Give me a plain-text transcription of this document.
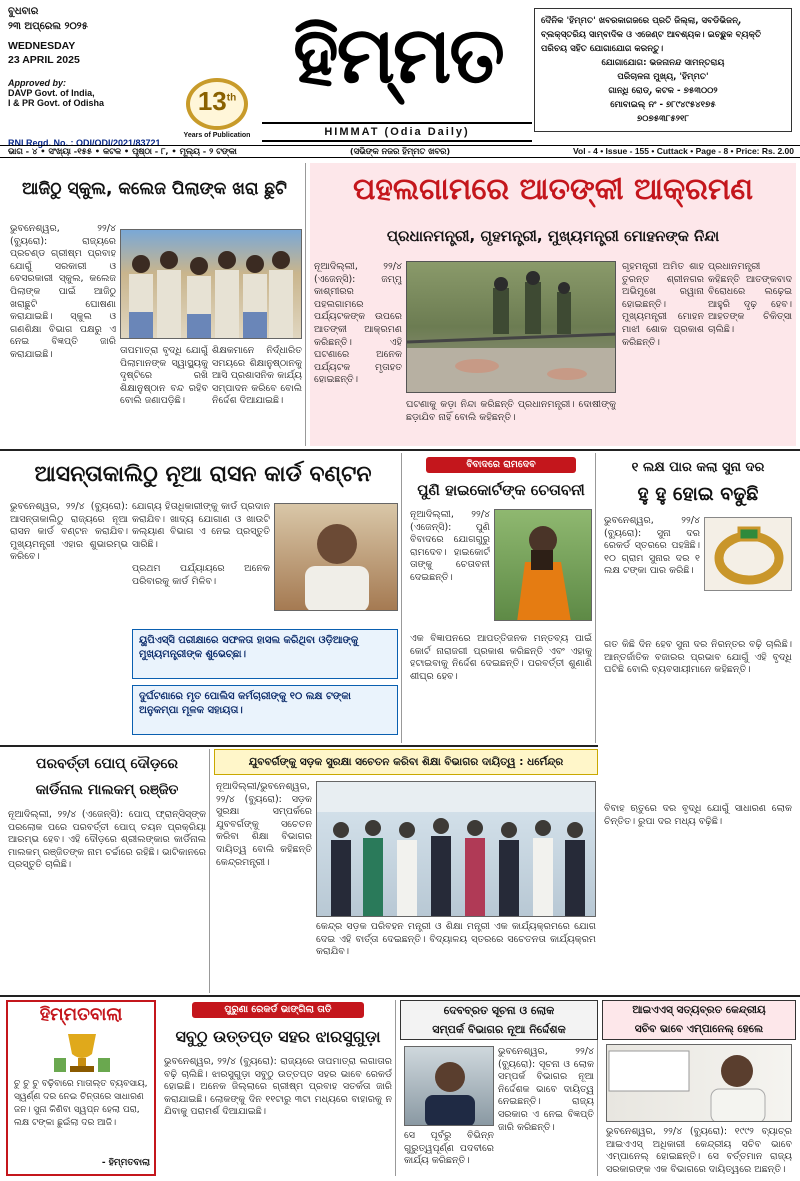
ବୁଧବାର
୨୩ ଅପ୍ରେଲ ୨୦୨୫
WEDNESDAY
23 APRIL 2025
Approved by:
DAVP Govt. of India,
I & PR Govt. of Odisha
RNI Regd. No. : ODI/ODI/2021/83721
13th
Years of Publication
ହିମ୍ମତ
HIMMAT (Odia Daily)
ଦୈନିକ 'ହିମ୍ମତ' ଖବରକାଗଜରେ ପ୍ରତି ଜିଲ୍ଲା, ସବଡିଭିଜନ୍,
ବ୍ଲକ୍‌ସ୍ତରିୟ ସାମ୍ବାଦିକ ଓ ଏଜେଣ୍ଟ ଆବଶ୍ୟକ। ଇଚ୍ଛୁକ ବ୍ୟକ୍ତି
ପରିଚୟ ସହିତ ଯୋଗାଯୋଗ କରନ୍ତୁ।
ଯୋଗାଯୋଗ: ଭଜନାନନ୍ଦ ସାମନ୍ତରାୟ
ପରିଚାଳନା ମୁଖ୍ୟ, 'ହିମ୍ମତ'
ଗାନ୍ଧି ରୋଡ୍, କଟକ - ୭୫୩୦୦୨
ମୋବାଇଲ୍ ନଂ - ୭୮୯୪୯୫୪୧୭୫
୭୦୭୫୩୮୫୨୧୮
ଭାଗ - ୪ • ସଂଖ୍ୟା -୧୫୫ • କଟକ • ପୃଷ୍ଠା - ୮, • ମୂଲ୍ୟ - ୨ ଟଙ୍କା	(ସଭିଙ୍କ ନଜର ହିମ୍ମତ ଖବର)	Vol - 4 • Issue - 155 • Cuttack • Page - 8 • Price: Rs. 2.00
ଆଜିଠୁ ସ୍କୁଲ, କଲେଜ ପିଲାଙ୍କ ଖରା ଛୁଟି
ଭୁବନେଶ୍ୱର, ୨୨/୪ (ବ୍ୟୁରୋ): ରାଜ୍ୟରେ ପ୍ରଚଣ୍ଡ ଗ୍ରୀଷ୍ମ ପ୍ରବାହ ଯୋଗୁଁ ସରକାରୀ ଓ ବେସରକାରୀ ସ୍କୁଲ, କଲେଜ ପିଲାଙ୍କ ପାଇଁ ଆଜିଠୁ ଖରାଛୁଟି ଘୋଷଣା କରାଯାଇଛି। ସ୍କୁଲ ଓ ଗଣଶିକ୍ଷା ବିଭାଗ ପକ୍ଷରୁ ଏ ନେଇ ବିଜ୍ଞପ୍ତି ଜାରି କରାଯାଇଛି।	ତାପମାତ୍ରା ବୃଦ୍ଧି ଯୋଗୁଁ ପିଲାମାନଙ୍କ ସ୍ୱାସ୍ଥ୍ୟକୁ ଦୃଷ୍ଟିରେ ରଖି ଶିକ୍ଷାନୁଷ୍ଠାନ ବନ୍ଦ ରହିବ ବୋଲି ଜଣାପଡ଼ିଛି।
ଶିକ୍ଷକମାନେ ନିର୍ଦ୍ଧାରିତ ସମୟରେ ଶିକ୍ଷାନୁଷ୍ଠାନକୁ ଆସି ପ୍ରଶାସନିକ କାର୍ଯ୍ୟ ସମ୍ପାଦନ କରିବେ ବୋଲି ନିର୍ଦ୍ଦେଶ ଦିଆଯାଇଛି।
ପହଲଗାମରେ ଆତଙ୍କୀ ଆକ୍ରମଣ
ପ୍ରଧାନମନ୍ତ୍ରୀ, ଗୃହମନ୍ତ୍ରୀ, ମୁଖ୍ୟମନ୍ତ୍ରୀ ମୋହନଙ୍କ ନିନ୍ଦା
ନୂଆଦିଲ୍ଲୀ, ୨୨/୪ (ଏଜେନ୍ସି): ଜମ୍ମୁ କାଶ୍ମୀରର ପହଲଗାମରେ ପର୍ଯ୍ୟଟକଙ୍କ ଉପରେ ଆତଙ୍କୀ ଆକ୍ରମଣ କରିଛନ୍ତି। ଏହି ଘଟଣାରେ ଅନେକ ପର୍ଯ୍ୟଟକ ମୃତାହତ ହୋଇଛନ୍ତି।
ଘଟଣାକୁ କଡ଼ା ନିନ୍ଦା କରିଛନ୍ତି ପ୍ରଧାନମନ୍ତ୍ରୀ। ଦୋଷୀଙ୍କୁ ଛଡ଼ାଯିବ ନାହିଁ ବୋଲି କହିଛନ୍ତି।
ଗୃହମନ୍ତ୍ରୀ ଅମିତ ଶାହ ତୁରନ୍ତ ଶ୍ରୀନଗର ଅଭିମୁଖେ ରୱାନା ହୋଇଛନ୍ତି। ମୁଖ୍ୟମନ୍ତ୍ରୀ ମୋହନ ମାଝୀ ଶୋକ ପ୍ରକାଶ କରିଛନ୍ତି।
ପ୍ରଧାନମନ୍ତ୍ରୀ କହିଛନ୍ତି ଆତଙ୍କବାଦ ବିରୋଧରେ ଲଢ଼େଇ ଆହୁରି ଦୃଢ଼ ହେବ। ଆହତଙ୍କ ଚିକିତ୍ସା ଚାଲିଛି।
ଆସନ୍ତାକାଲିଠୁ ନୂଆ ରାସନ କାର୍ଡ ବଣ୍ଟନ
ଭୁବନେଶ୍ୱର, ୨୨/୪ (ବ୍ୟୁରୋ): ଆସନ୍ତାକାଲିଠୁ ରାଜ୍ୟରେ ନୂଆ ରାସନ କାର୍ଡ ବଣ୍ଟନ କରାଯିବ। ମୁଖ୍ୟମନ୍ତ୍ରୀ ଏହାର ଶୁଭାରମ୍ଭ କରିବେ।
ଯୋଗ୍ୟ ହିତାଧିକାରୀଙ୍କୁ କାର୍ଡ ପ୍ରଦାନ କରାଯିବ। ଖାଦ୍ୟ ଯୋଗାଣ ଓ ଖାଉଟି କଲ୍ୟାଣ ବିଭାଗ ଏ ନେଇ ପ୍ରସ୍ତୁତି ସାରିଛି।
ପ୍ରଥମ ପର୍ଯ୍ୟାୟରେ ଅନେକ ପରିବାରକୁ କାର୍ଡ ମିଳିବ।
ୟୁପିଏସ୍‌ସି ପରୀକ୍ଷାରେ ସଫଳତା ହାସଲ କରିଥିବା ଓଡ଼ିଆଙ୍କୁ ମୁଖ୍ୟମନ୍ତ୍ରୀଙ୍କ ଶୁଭେଚ୍ଛା।
ଦୁର୍ଘଟଣାରେ ମୃତ ପୋଲିସ କର୍ମଚାରୀଙ୍କୁ ୧୦ ଲକ୍ଷ ଟଙ୍କା ଅନୁକମ୍ପା ମୂଳକ ସହାୟତା।
ବିବାଦରେ ରାମଦେବ
ପୁଣି ହାଇକୋର୍ଟଙ୍କ ଚେତାବନୀ
ନୂଆଦିଲ୍ଲୀ, ୨୨/୪ (ଏଜେନ୍ସି): ପୁଣି ବିବାଦରେ ଯୋଗଗୁରୁ ରାମଦେବ। ହାଇକୋର୍ଟ ତାଙ୍କୁ ଚେତାବନୀ ଦେଇଛନ୍ତି।
ଏକ ବିଜ୍ଞାପନରେ ଆପତ୍ତିଜନକ ମନ୍ତବ୍ୟ ପାଇଁ କୋର୍ଟ ନାରାଜଗୀ ପ୍ରକାଶ କରିଛନ୍ତି ଏବଂ ଏହାକୁ ହଟାଇବାକୁ ନିର୍ଦ୍ଦେଶ ଦେଇଛନ୍ତି। ପରବର୍ତ୍ତୀ ଶୁଣାଣି ଶୀଘ୍ର ହେବ।
୧ ଲକ୍ଷ ପାର କଲା ସୁନା ଦର
ହୁ ହୁ ହୋଇ ବଢୁଛି
ଭୁବନେଶ୍ୱର, ୨୨/୪ (ବ୍ୟୁରୋ): ସୁନା ଦର ରେକର୍ଡ ସ୍ତରରେ ପହଞ୍ଚିଛି। ୧୦ ଗ୍ରାମ ସୁନାର ଦର ୧ ଲକ୍ଷ ଟଙ୍କା ପାର କରିଛି।
ଗତ କିଛି ଦିନ ହେବ ସୁନା ଦର ନିରନ୍ତର ବଢ଼ି ଚାଲିଛି। ଆନ୍ତର୍ଜାତିକ ବଜାରର ପ୍ରଭାବ ଯୋଗୁଁ ଏହି ବୃଦ୍ଧି ଘଟିଛି ବୋଲି ବ୍ୟବସାୟୀମାନେ କହିଛନ୍ତି।
ବିବାହ ଋତୁରେ ଦର ବୃଦ୍ଧି ଯୋଗୁଁ ସାଧାରଣ ଲୋକ ଚିନ୍ତିତ। ରୁପା ଦର ମଧ୍ୟ ବଢ଼ିଛି।
ପରବର୍ତ୍ତୀ ପୋପ୍ ଦୌଡ଼ରେ
କାର୍ଡିନାଲ ମାଲକମ୍ ରଞ୍ଜିତ
ନୂଆଦିଲ୍ଲୀ, ୨୨/୪ (ଏଜେନ୍ସି): ପୋପ୍ ଫ୍ରାନ୍ସିସ୍‌ଙ୍କ ପରଲୋକ ପରେ ପରବର୍ତ୍ତୀ ପୋପ୍ ଚୟନ ପ୍ରକ୍ରିୟା ଆରମ୍ଭ ହେବ। ଏହି ଦୌଡ଼ରେ ଶ୍ରୀଲଙ୍କାର କାର୍ଡିନାଲ ମାଲକମ୍ ରଞ୍ଜିତଙ୍କ ନାମ ଚର୍ଚ୍ଚାରେ ରହିଛି। ଭାଟିକାନରେ ପ୍ରସ୍ତୁତି ଚାଲିଛି।
ଯୁବବର୍ଗଙ୍କୁ ସଡ଼କ ସୁରକ୍ଷା ସଚେତନ କରିବା ଶିକ୍ଷା ବିଭାଗର ଦାୟିତ୍ୱ : ଧର୍ମେନ୍ଦ୍ର
ନୂଆଦିଲ୍ଲୀ/ଭୁବନେଶ୍ୱର, ୨୨/୪ (ବ୍ୟୁରୋ): ସଡ଼କ ସୁରକ୍ଷା ସମ୍ପର୍କରେ ଯୁବବର୍ଗଙ୍କୁ ସଚେତନ କରିବା ଶିକ୍ଷା ବିଭାଗର ଦାୟିତ୍ୱ ବୋଲି କହିଛନ୍ତି କେନ୍ଦ୍ରମନ୍ତ୍ରୀ।
କେନ୍ଦ୍ର ସଡ଼କ ପରିବହନ ମନ୍ତ୍ରୀ ଓ ଶିକ୍ଷା ମନ୍ତ୍ରୀ ଏକ କାର୍ଯ୍ୟକ୍ରମରେ ଯୋଗ ଦେଇ ଏହି ବାର୍ତ୍ତା ଦେଇଛନ୍ତି। ବିଦ୍ୟାଳୟ ସ୍ତରରେ ସଚେତନତା କାର୍ଯ୍ୟକ୍ରମ କରାଯିବ।
ହିମ୍ମତବାଲା
ଚୁ ଚୁ ଚୁ ବଢ଼ିବାରେ ମାତାଲ୍ତ ବ୍ୟବସାୟ, ସ୍ୱର୍ଣ୍ଣ ଦର ନେଇ ଚିନ୍ତାରେ ସାଧାରଣ ଜନ। ସୁନା କିଣିବା ସ୍ୱପ୍ନ ହେଲା ପରା, ଲକ୍ଷ ଟଙ୍କା ଛୁଇଁଲା ଦର ଆଜି।
- ହିମ୍ମତବାଲା
ପୁରୁଣା ରେକର୍ଡ ଭାଙ୍ଗିଲା ତାତି
ସବୁଠୁ ଉତ୍ତପ୍ତ ସହର ଝାରସୁଗୁଡ଼ା
ଭୁବନେଶ୍ୱର, ୨୨/୪ (ବ୍ୟୁରୋ): ରାଜ୍ୟରେ ତାପମାତ୍ରା ଲଗାତାର ବଢ଼ି ଚାଲିଛି। ଝାରସୁଗୁଡ଼ା ସବୁଠୁ ଉତ୍ତପ୍ତ ସହର ଭାବେ ରେକର୍ଡ ହୋଇଛି। ଅନେକ ଜିଲ୍ଲାରେ ଗ୍ରୀଷ୍ମ ପ୍ରବାହ ସତର୍କତା ଜାରି କରାଯାଇଛି। ଲୋକଙ୍କୁ ଦିନ ୧୧ଟାରୁ ୩ଟା ମଧ୍ୟରେ ବାହାରକୁ ନ ଯିବାକୁ ପରାମର୍ଶ ଦିଆଯାଇଛି।
ଦେବବ୍ରତ ସୂଚନା ଓ ଲୋକ
ସମ୍ପର୍କ ବିଭାଗର ନୂଆ ନିର୍ଦ୍ଦେଶକ
ଭୁବନେଶ୍ୱର, ୨୨/୪ (ବ୍ୟୁରୋ): ସୂଚନା ଓ ଲୋକ ସମ୍ପର୍କ ବିଭାଗର ନୂଆ ନିର୍ଦ୍ଦେଶକ ଭାବେ ଦାୟିତ୍ୱ ନେଇଛନ୍ତି। ରାଜ୍ୟ ସରକାର ଏ ନେଇ ବିଜ୍ଞପ୍ତି ଜାରି କରିଛନ୍ତି।
ସେ ପୂର୍ବରୁ ବିଭିନ୍ନ ଗୁରୁତ୍ୱପୂର୍ଣ୍ଣ ପଦବୀରେ କାର୍ଯ୍ୟ କରିଛନ୍ତି।
ଆଇଏଏସ୍ ସତ୍ୟବ୍ରତ କେନ୍ଦ୍ରୀୟ
ସଚିବ ଭାବେ ଏମ୍ପାନେଲ୍ ହେଲେ
ଭୁବନେଶ୍ୱର, ୨୨/୪ (ବ୍ୟୁରୋ): ୧୯୯୨ ବ୍ୟାଚ୍‌ର ଆଇଏଏସ୍ ଅଧିକାରୀ କେନ୍ଦ୍ରୀୟ ସଚିବ ଭାବେ ଏମ୍ପାନେଲ୍ ହୋଇଛନ୍ତି। ସେ ବର୍ତ୍ତମାନ ରାଜ୍ୟ ସରକାରଙ୍କ ଏକ ବିଭାଗରେ ଦାୟିତ୍ୱରେ ଅଛନ୍ତି।
